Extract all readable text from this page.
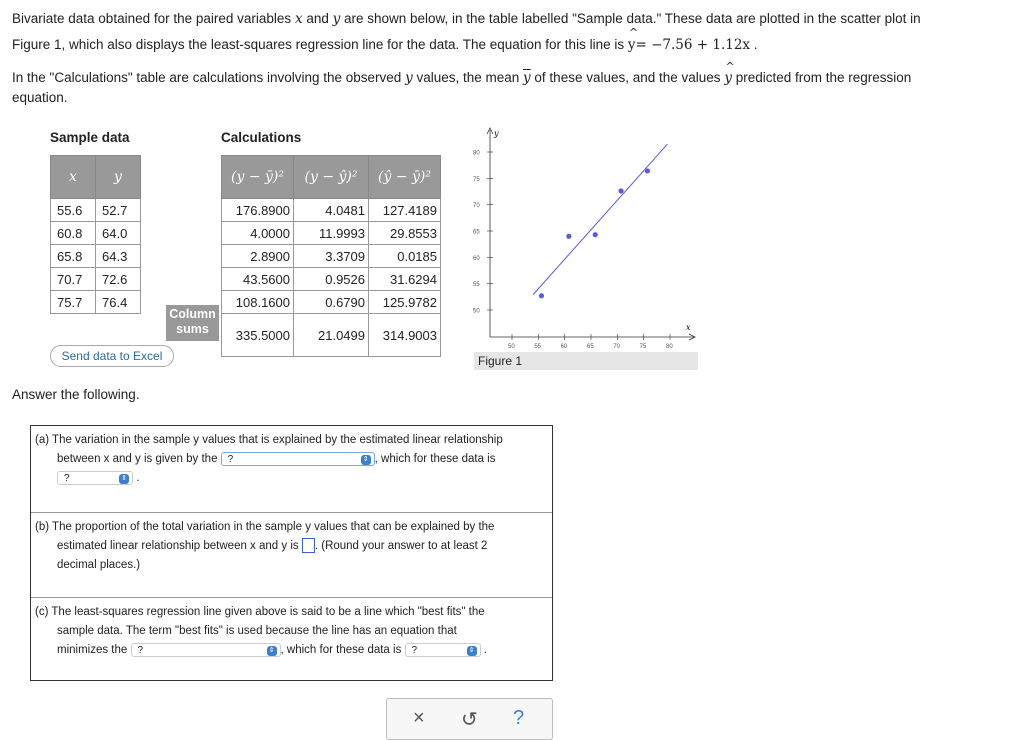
Bivariate data obtained for the paired variables x and y are shown below, in the table labelled "Sample data." These data are plotted in the scatter plot in

Figure 1, which also displays the least-squares regression line for the data. The equation for this line is ^ y= −7.56 + 1.12x .

In the "Calculations" table are calculations involving the observed y values, the mean $\overline{y}$ of these values, and the values ^ y predicted from the regression
equation.
Sample data
x	y
55.6	52.7
60.8	64.0
65.8	64.3
70.7	72.6
75.7	76.4
Calculations
(y − ȳ)²	(y − ŷ)²	(ŷ − ȳ)²
176.8900	4.0481	127.4189
4.0000	11.9993	29.8553
2.8900	3.3709	0.0185
43.5600	0.9526	31.6294
108.1600	0.6790	125.9782
335.5000	21.0499	314.9003
Column sums
Send data to Excel
y
x
80
75
70
65
60
55
50
50	55	60	65	70	75	80
Figure 1
Answer the following.
(a) The variation in the sample y values that is explained by the estimated linear relationship
between x and y is given by the ?	⇕ , which for these data is
?	⇕ .
(b) The proportion of the total variation in the sample y values that can be explained by the
estimated linear relationship between x and y is . (Round your answer to at least 2
decimal places.)
(c) The least-squares regression line given above is said to be a line which "best fits" the
sample data. The term "best fits" is used because the line has an equation that
minimizes the ?	⇕ , which for these data is ?	⇕ .
× ↺ ?
